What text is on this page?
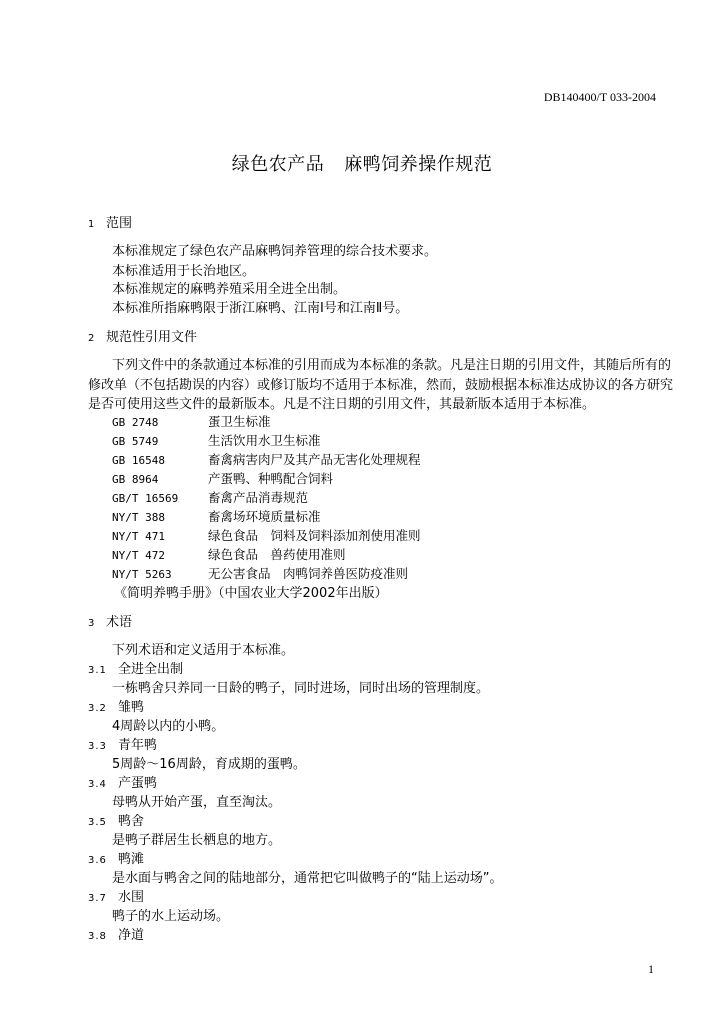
DB140400/T 033-2004
绿色农产品 麻鸭饲养操作规范
1 范围
本标准规定了绿色农产品麻鸭饲养管理的综合技术要求。
本标准适用于长治地区。
本标准规定的麻鸭养殖采用全进全出制。
本标准所指麻鸭限于浙江麻鸭、江南Ⅰ号和江南Ⅱ号。
2 规范性引用文件
下列文件中的条款通过本标准的引用而成为本标准的条款。凡是注日期的引用文件，其随后所有的
修改单（不包括勘误的内容）或修订版均不适用于本标准，然而，鼓励根据本标准达成协议的各方研究
是否可使用这些文件的最新版本。凡是不注日期的引用文件，其最新版本适用于本标准。
GB 2748	蛋卫生标准
GB 5749	生活饮用水卫生标准
GB 16548	畜禽病害肉尸及其产品无害化处理规程
GB 8964	产蛋鸭、种鸭配合饲料
GB/T 16569 畜禽产品消毒规范
NY/T 388	畜禽场环境质量标准
NY/T 471	绿色食品　饲料及饲料添加剂使用准则
NY/T 472	绿色食品　兽药使用准则
NY/T 5263	无公害食品　肉鸭饲养兽医防疫准则
《简明养鸭手册》（中国农业大学2002年出版）
3 术语
下列术语和定义适用于本标准。
3.1 全进全出制
一栋鸭舍只养同一日龄的鸭子，同时进场，同时出场的管理制度。
3.2 雏鸭
4周龄以内的小鸭。
3.3 青年鸭
5周龄～16周龄，育成期的蛋鸭。
3.4 产蛋鸭
母鸭从开始产蛋，直至淘汰。
3.5 鸭舍
是鸭子群居生长栖息的地方。
3.6 鸭滩
是水面与鸭舍之间的陆地部分，通常把它叫做鸭子的“陆上运动场”。
3.7 水围
鸭子的水上运动场。
3.8 净道
1
